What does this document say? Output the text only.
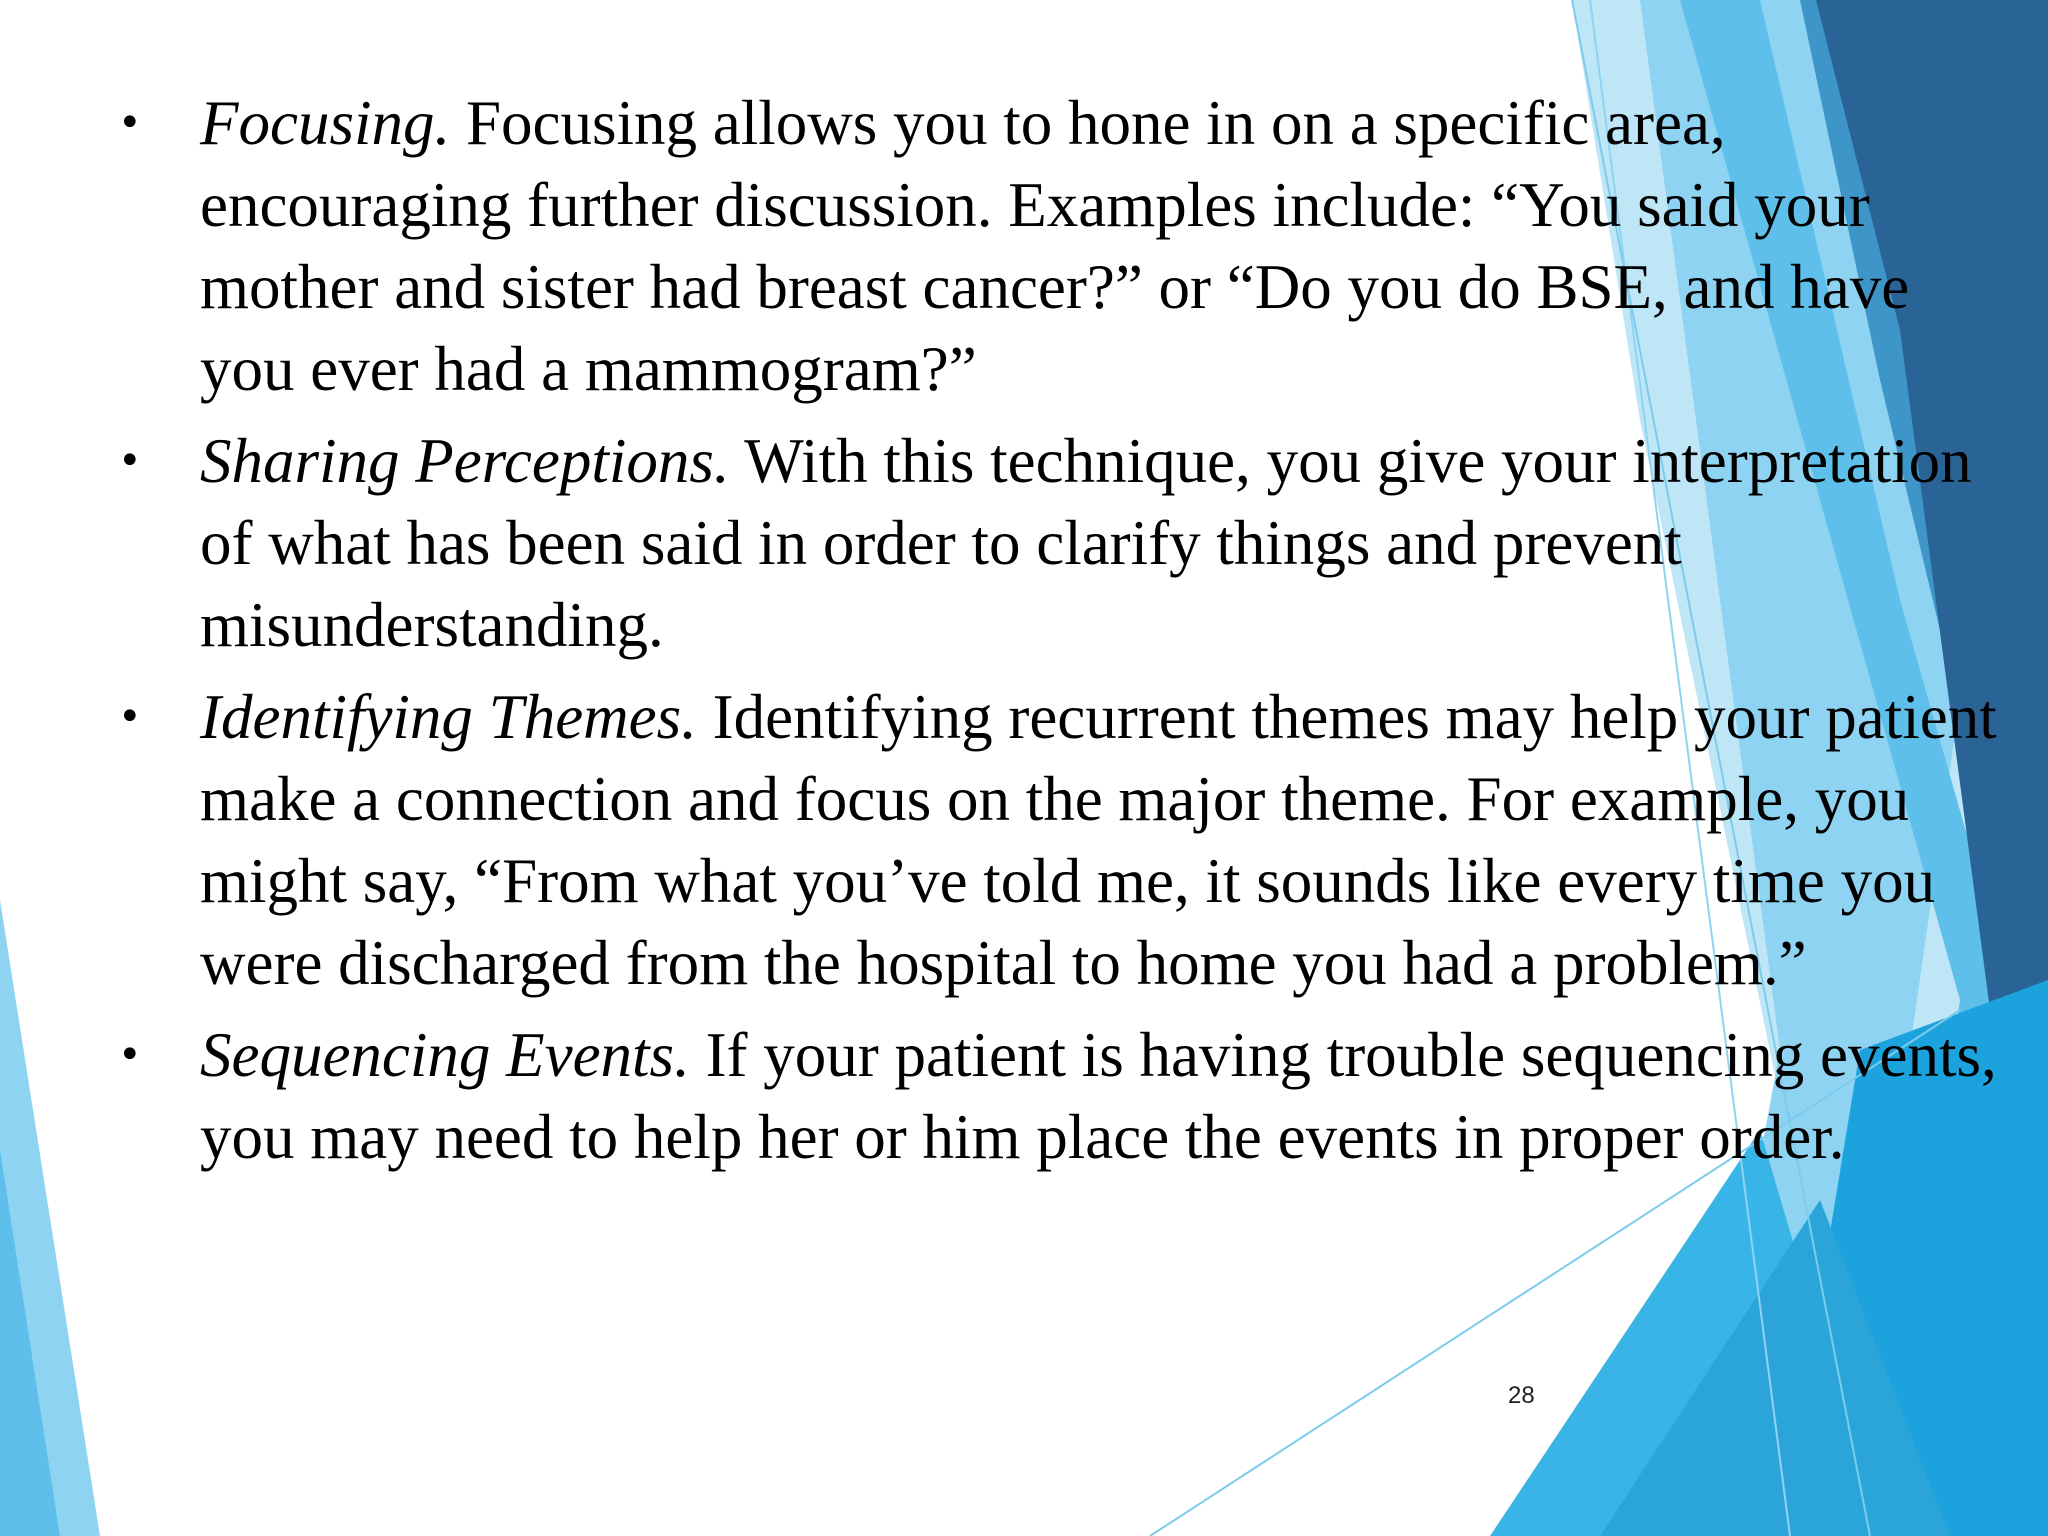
• Focusing. Focusing allows you to hone in on a specific area, encouraging further discussion. Examples include: “You said your mother and sister had breast cancer?” or “Do you do BSE, and have you ever had a mammogram?”
• Sharing Perceptions. With this technique, you give your interpretation of what has been said in order to clarify things and prevent misunderstanding.
• Identifying Themes. Identifying recurrent themes may help your patient make a connection and focus on the major theme. For example, you might say, “From what you’ve told me, it sounds like every time you were discharged from the hospital to home you had a problem.”
• Sequencing Events. If your patient is having trouble sequencing events, you may need to help her or him place the events in proper order.
28
